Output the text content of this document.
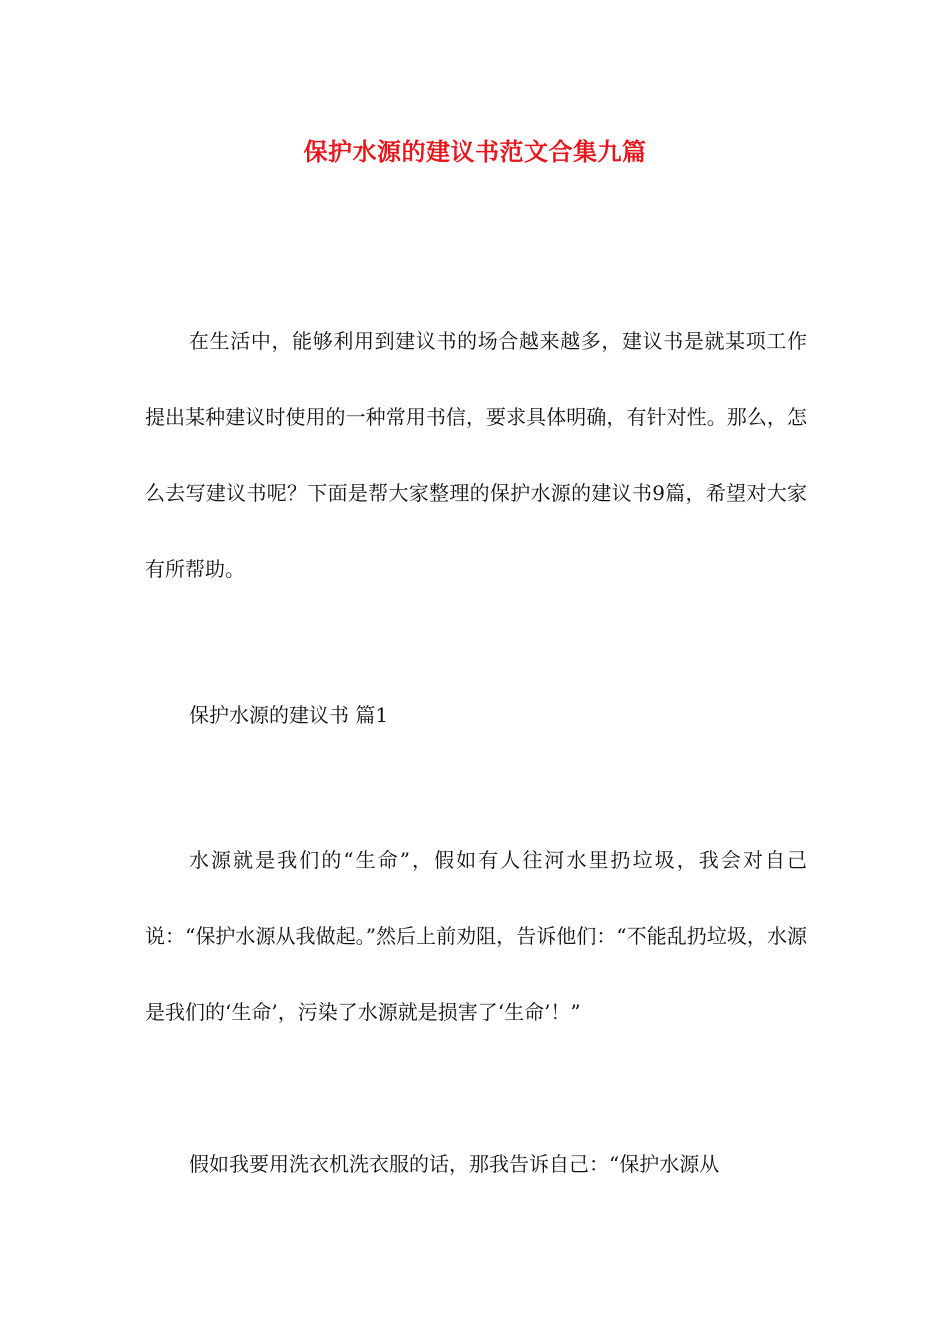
保护水源的建议书范文合集九篇

在生活中，能够利用到建议书的场合越来越多，建议书是就某项工作提出某种建议时使用的一种常用书信，要求具体明确，有针对性。那么，怎么去写建议书呢？下面是帮大家整理的保护水源的建议书9篇，希望对大家有所帮助。

保护水源的建议书 篇1

水源就是我们的“生命”，假如有人往河水里扔垃圾，我会对自己说：“保护水源从我做起。”然后上前劝阻，告诉他们：“不能乱扔垃圾，水源是我们的‘生命’，污染了水源就是损害了‘生命’！”

假如我要用洗衣机洗衣服的话，那我告诉自己：“保护水源从
